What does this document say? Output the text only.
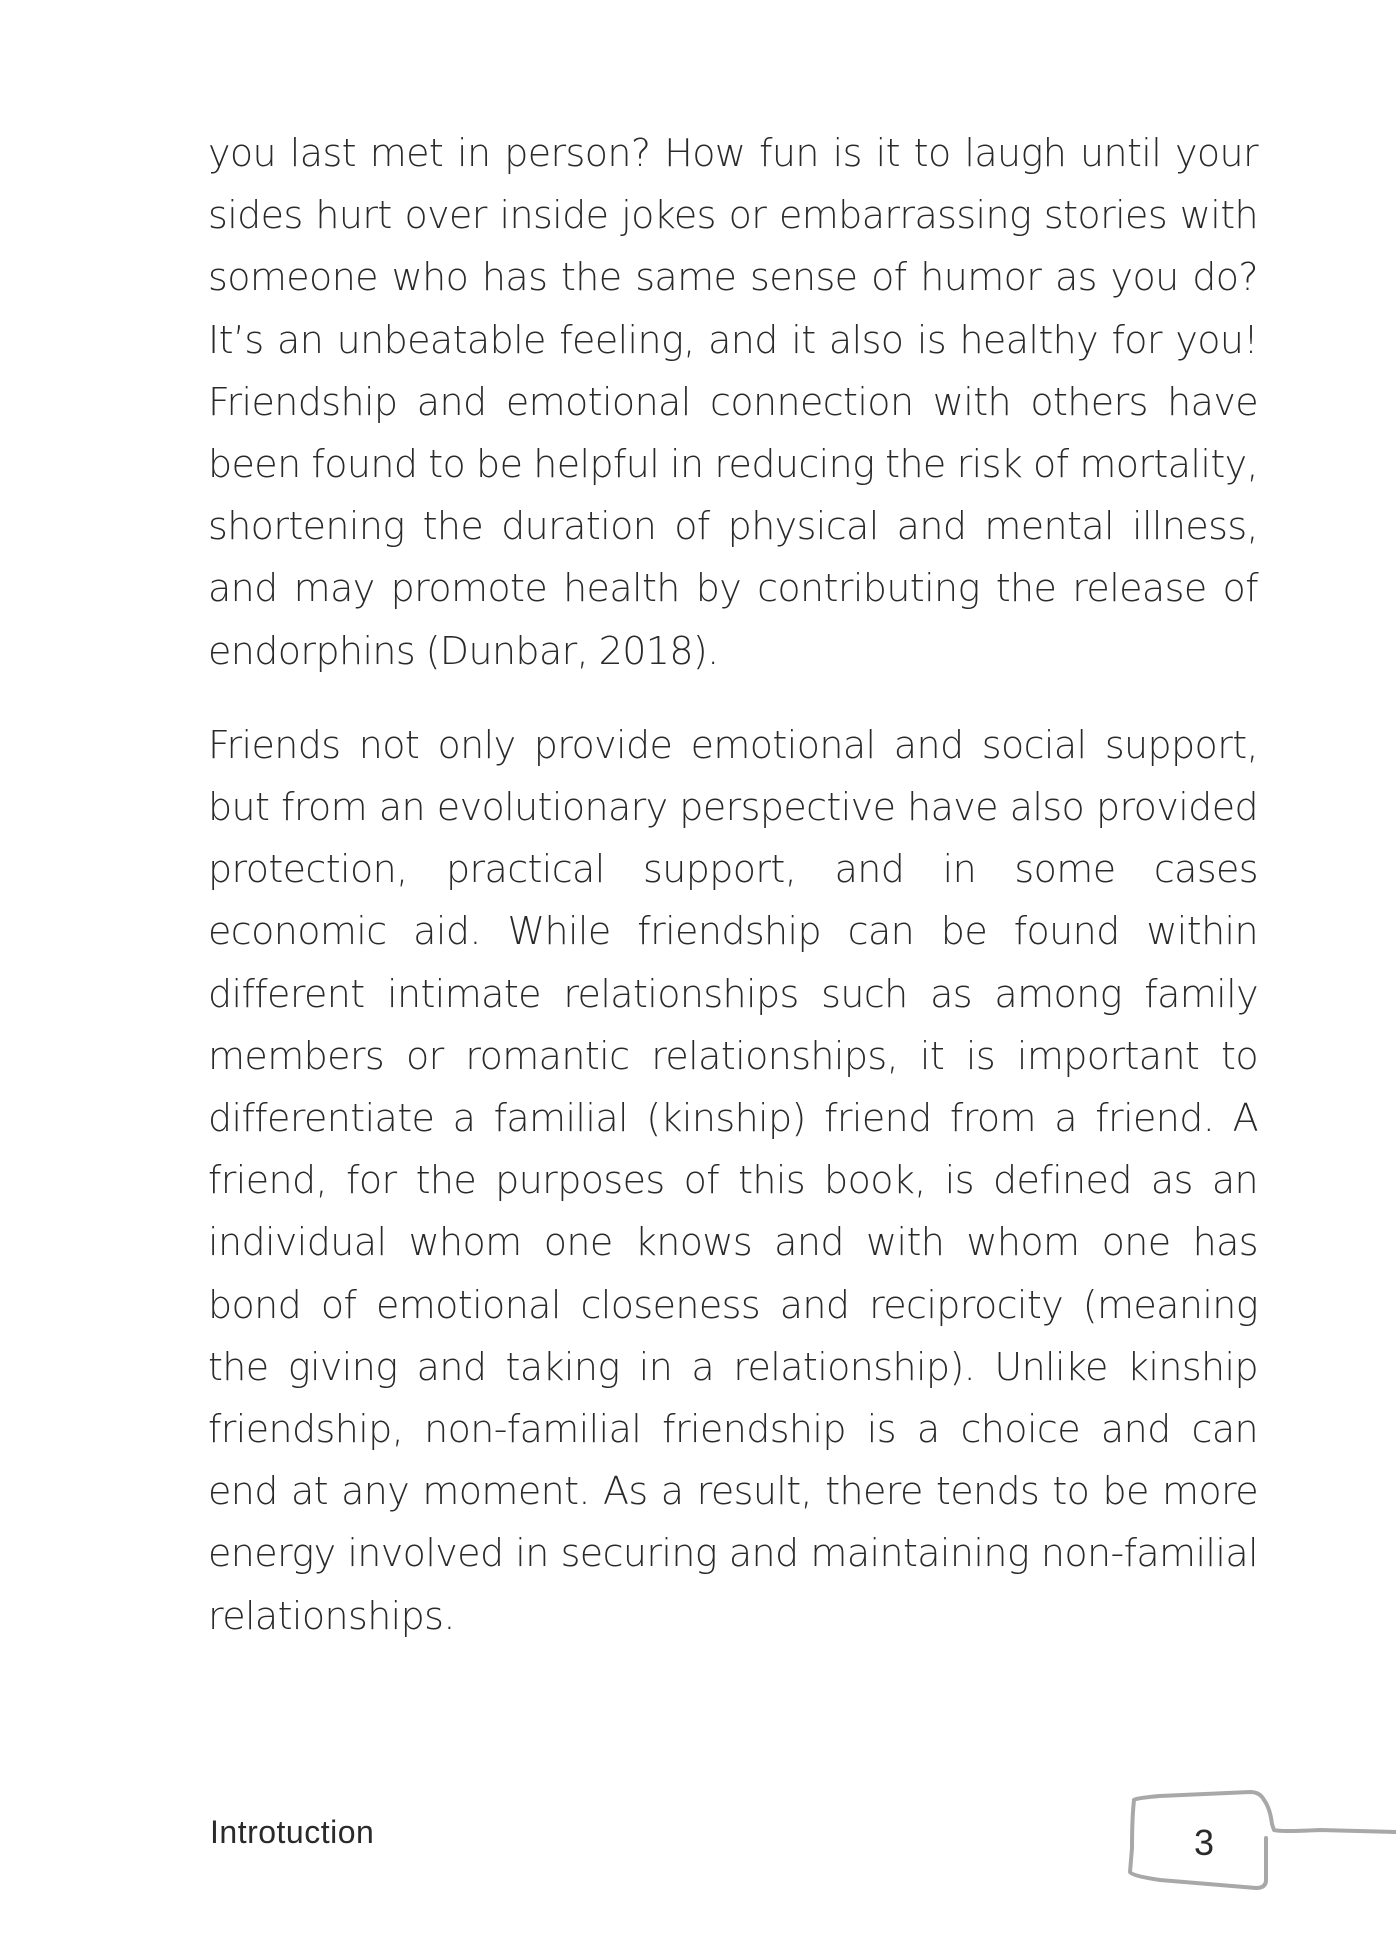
you last met in person? How fun is it to laugh until your sides hurt over inside jokes or embarrassing stories with someone who has the same sense of humor as you do? It’s an unbeatable feeling, and it also is healthy for you! Friendship and emotional connection with others have been found to be helpful in reducing the risk of mortality, shortening the duration of physical and mental illness, and may promote health by contributing the release of endorphins (Dunbar, 2018).

Friends not only provide emotional and social support, but from an evolutionary perspective have also provided protection, practical support, and in some cases economic aid. While friendship can be found within different intimate relationships such as among family members or romantic relationships, it is important to differentiate a familial (kinship) friend from a friend. A friend, for the purposes of this book, is defined as an individual whom one knows and with whom one has bond of emotional closeness and reciprocity (meaning the giving and taking in a relationship). Unlike kinship friendship, non-familial friendship is a choice and can end at any moment. As a result, there tends to be more energy involved in securing and maintaining non-familial relationships.

Introtuction	3
